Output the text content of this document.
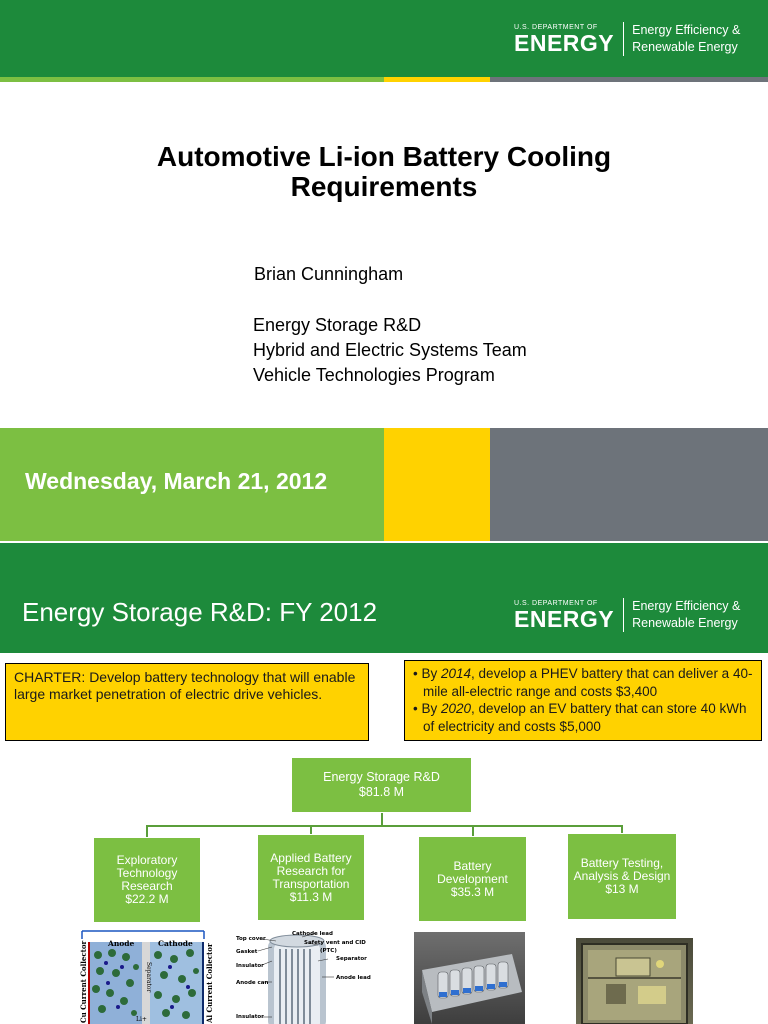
U.S. DEPARTMENT OF
ENERGY Energy Efficiency &
Renewable Energy
Automotive Li-ion Battery Cooling
Requirements
Brian Cunningham
Energy Storage R&D
Hybrid and Electric Systems Team
Vehicle Technologies Program
Wednesday, March 21, 2012
Energy Storage R&D: FY 2012	U.S. DEPARTMENT OF
ENERGY Energy Efficiency &
Renewable Energy
CHARTER: Develop battery technology that will enable large market penetration of electric drive vehicles.
• By 2014, develop a PHEV battery that can deliver a 40-mile all-electric range and costs $3,400
• By 2020, develop an EV battery that can store 40 kWh of electricity and costs $5,000
Energy Storage R&D
$81.8 M
Exploratory Technology Research
$22.2 M
Applied Battery Research for Transportation
$11.3 M
Battery Development
$35.3 M
Battery Testing, Analysis & Design
$13 M
Anode	Cathode
Separator
Cu Current Collector	Al Current Collector
Li+
Top cover
Gasket
Insulator
Anode can
Insulator
Cathode lead
Safety vent and CID
(PTC)
Separator
Anode lead
